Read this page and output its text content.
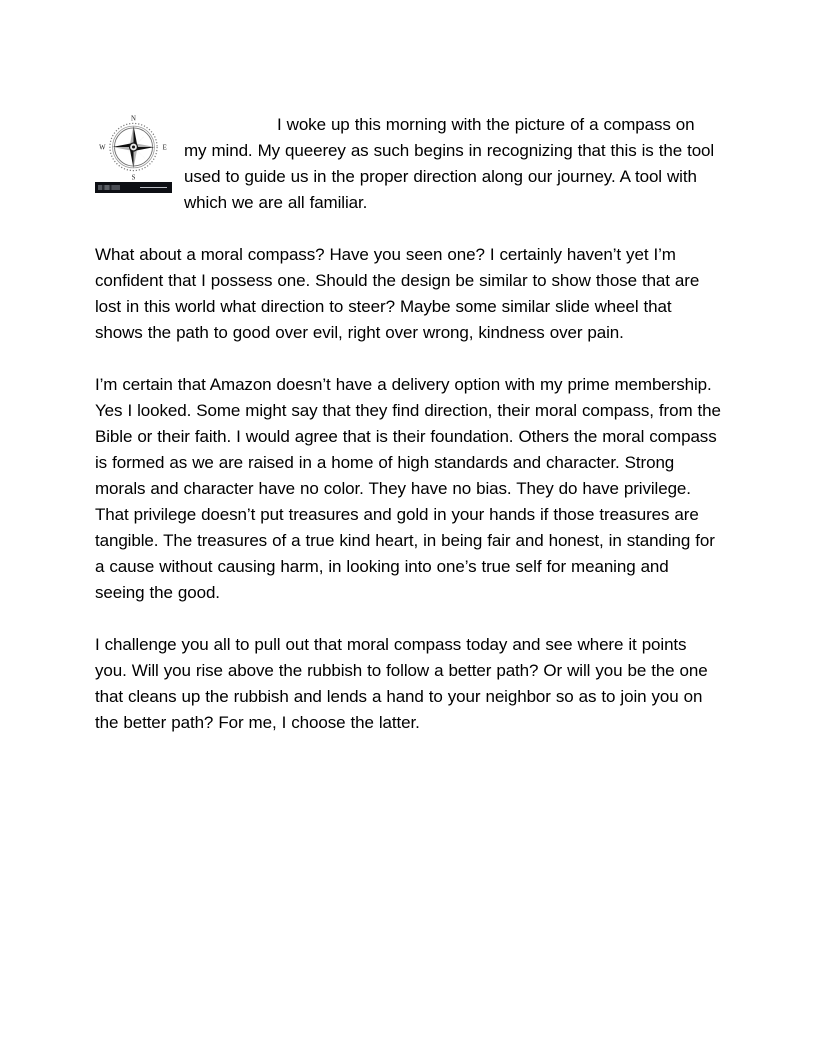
N
E
S
W

I woke up this morning with the picture of a compass on my mind. My queerey as such begins in recognizing that this is the tool used to guide us in the proper direction along our journey. A tool with which we are all familiar.

What about a moral compass? Have you seen one? I certainly haven’t yet I’m confident that I possess one. Should the design be similar to show those that are lost in this world what direction to steer? Maybe some similar slide wheel that shows the path to good over evil, right over wrong, kindness over pain.

I’m certain that Amazon doesn’t have a delivery option with my prime membership. Yes I looked. Some might say that they find direction, their moral compass, from the Bible or their faith. I would agree that is their foundation. Others the moral compass is formed as we are raised in a home of high standards and character. Strong morals and character have no color. They have no bias. They do have privilege. That privilege doesn’t put treasures and gold in your hands if those treasures are tangible. The treasures of a true kind heart, in being fair and honest, in standing for a cause without causing harm, in looking into one’s true self for meaning and seeing the good.

I challenge you all to pull out that moral compass today and see where it points you. Will you rise above the rubbish to follow a better path? Or will you be the one that cleans up the rubbish and lends a hand to your neighbor so as to join you on the better path? For me, I choose the latter.
